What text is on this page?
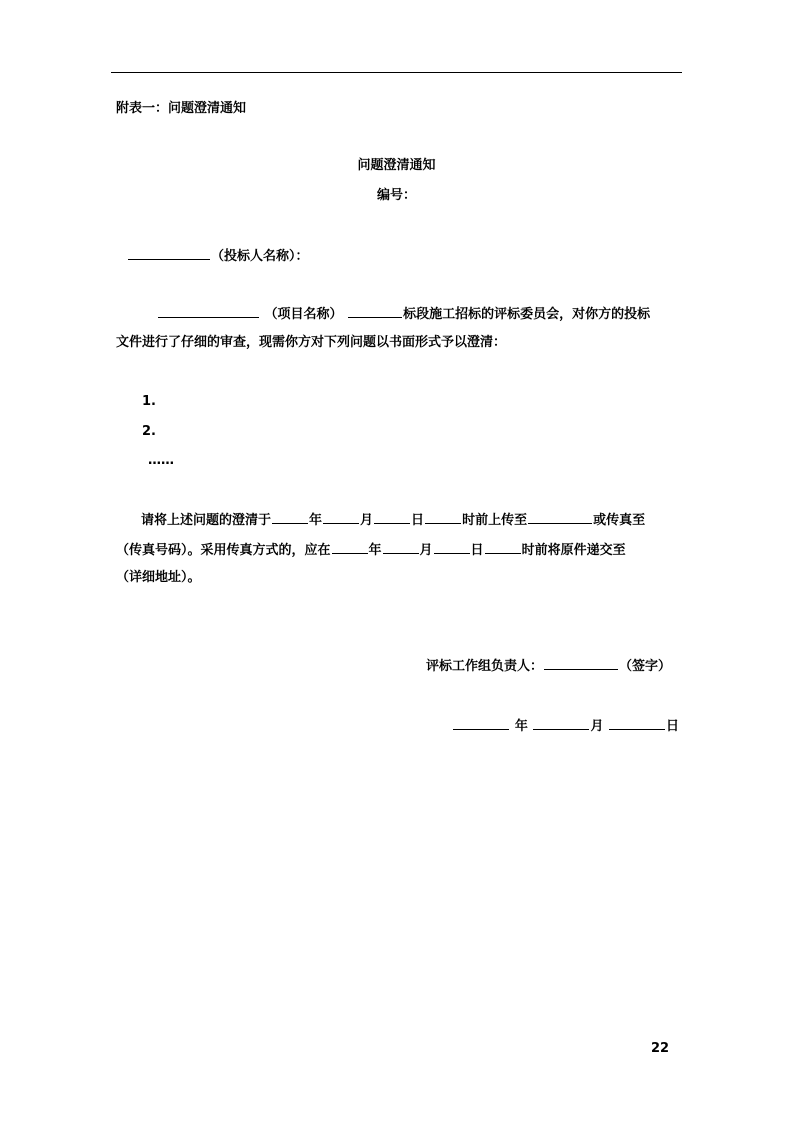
附表一：问题澄清通知
问题澄清通知
编号：
（投标人名称）：
（项目名称）	标段施工招标的评标委员会，对你方的投标
文件进行了仔细的审查，现需你方对下列问题以书面形式予以澄清：
1.
2.
……
请将上述问题的澄清于	年	月	日	时前上传至	或传真至
（传真号码）。采用传真方式的，应在	年	月	日	时前将原件递交至
（详细地址）。
评标工作组负责人：	（签字）
年	月	日
22
